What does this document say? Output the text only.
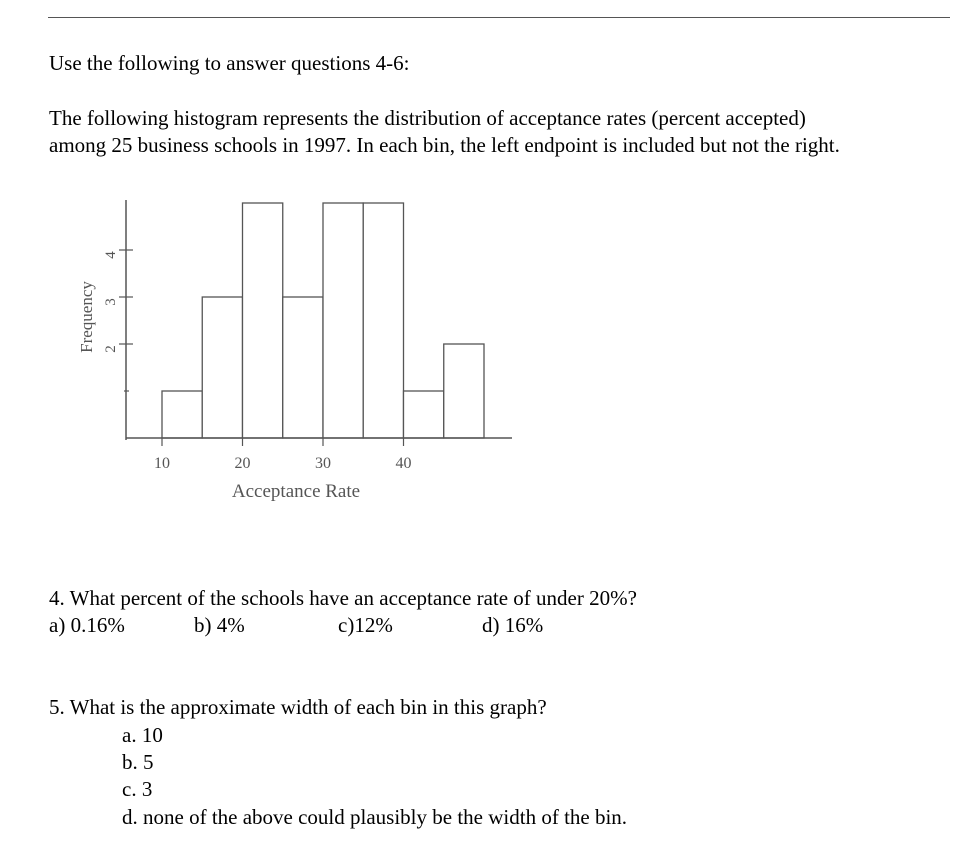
Use the following to answer questions 4-6:
The following histogram represents the distribution of acceptance rates (percent accepted)
among 25 business schools in 1997. In each bin, the left endpoint is included but not the right.
2
3
4
10	20	30	40
Acceptance Rate
Frequency
4. What percent of the schools have an acceptance rate of under 20%?
a) 0.16%	b) 4%	c)12%	d) 16%
5. What is the approximate width of each bin in this graph?
a. 10
b. 5
c. 3
d. none of the above could plausibly be the width of the bin.
